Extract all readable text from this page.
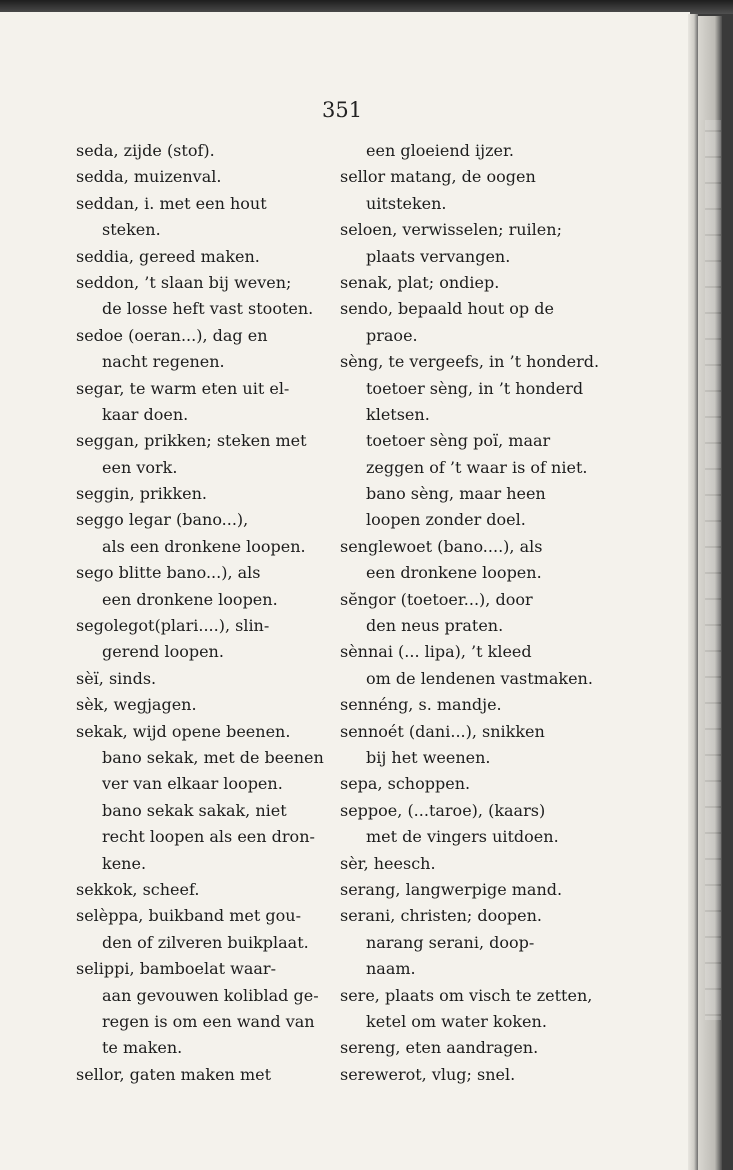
351
seda, zijde (stof).
sedda, muizenval.
seddan, i. met een hout
steken.
seddia, gereed maken.
seddon, ’t slaan bij weven;
de losse heft vast stooten.
sedoe (oeran...), dag en
nacht regenen.
segar, te warm eten uit el-
kaar doen.
seggan, prikken; steken met
een vork.
seggin, prikken.
seggo legar (bano...),
als een dronkene loopen.
sego blitte bano...), als
een dronkene loopen.
segolegot(plari....), slin-
gerend loopen.
sèï, sinds.
sèk, wegjagen.
sekak, wijd opene beenen.
bano sekak, met de beenen
ver van elkaar loopen.
bano sekak sakak, niet
recht loopen als een dron-
kene.
sekkok, scheef.
selèppa, buikband met gou-
den of zilveren buikplaat.
selippi, bamboelat waar-
aan gevouwen koliblad ge-
regen is om een wand van
te maken.
sellor, gaten maken met
een gloeiend ijzer.
sellor matang, de oogen
uitsteken.
seloen, verwisselen; ruilen;
plaats vervangen.
senak, plat; ondiep.
sendo, bepaald hout op de
praoe.
sèng, te vergeefs, in ’t honderd.
toetoer sèng, in ’t honderd
kletsen.
toetoer sèng poï, maar
zeggen of ’t waar is of niet.
bano sèng, maar heen
loopen zonder doel.
senglewoet (bano....), als
een dronkene loopen.
sĕngor (toetoer...), door
den neus praten.
sènnai (... lipa), ’t kleed
om de lendenen vastmaken.
sennéng, s. mandje.
sennoét (dani...), snikken
bij het weenen.
sepa, schoppen.
seppoe, (...taroe), (kaars)
met de vingers uitdoen.
sèr, heesch.
serang, langwerpige mand.
serani, christen; doopen.
narang serani, doop-
naam.
sere, plaats om visch te zetten,
ketel om water koken.
sereng, eten aandragen.
serewerot, vlug; snel.
